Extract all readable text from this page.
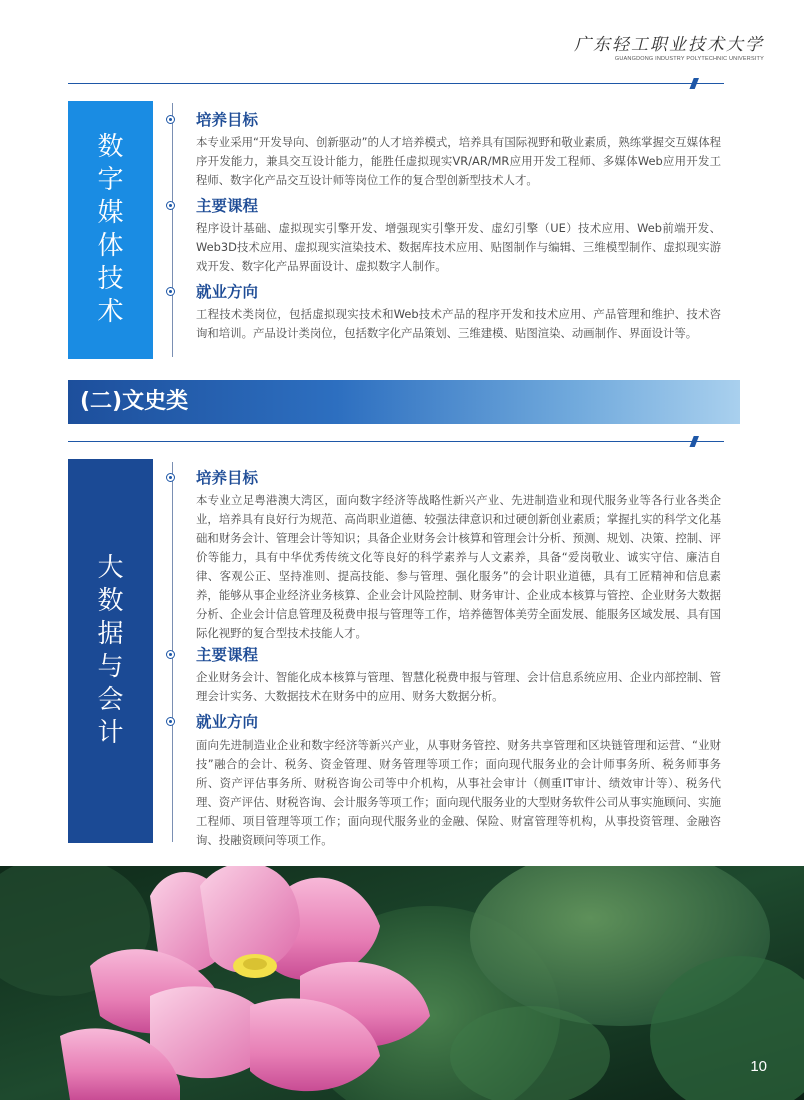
广东轻工职业技术大学
GUANGDONG INDUSTRY POLYTECHNIC UNIVERSITY
////
数字媒体技术
培养目标
本专业采用“开发导向、创新驱动”的人才培养模式，培养具有国际视野和敬业素质，熟练掌握交互媒体程序开发能力，兼具交互设计能力，能胜任虚拟现实VR/AR/MR应用开发工程师、多媒体Web应用开发工程师、数字化产品交互设计师等岗位工作的复合型创新型技术人才。
主要课程
程序设计基础、虚拟现实引擎开发、增强现实引擎开发、虚幻引擎（UE）技术应用、Web前端开发、Web3D技术应用、虚拟现实渲染技术、数据库技术应用、贴图制作与编辑、三维模型制作、虚拟现实游戏开发、数字化产品界面设计、虚拟数字人制作。
就业方向
工程技术类岗位，包括虚拟现实技术和Web技术产品的程序开发和技术应用、产品管理和维护、技术咨询和培训。产品设计类岗位，包括数字化产品策划、三维建模、贴图渲染、动画制作、界面设计等。
(二)文史类
////
大数据与会计
培养目标
本专业立足粤港澳大湾区，面向数字经济等战略性新兴产业、先进制造业和现代服务业等各行业各类企业，培养具有良好行为规范、高尚职业道德、较强法律意识和过硬创新创业素质；掌握扎实的科学文化基础和财务会计、管理会计等知识；具备企业财务会计核算和管理会计分析、预测、规划、决策、控制、评价等能力，具有中华优秀传统文化等良好的科学素养与人文素养，具备“爱岗敬业、诚实守信、廉洁自律、客观公正、坚持准则、提高技能、参与管理、强化服务”的会计职业道德，具有工匠精神和信息素养，能够从事企业经济业务核算、企业会计风险控制、财务审计、企业成本核算与管控、企业财务大数据分析、企业会计信息管理及税费申报与管理等工作，培养德智体美劳全面发展、能服务区域发展、具有国际化视野的复合型技术技能人才。
主要课程
企业财务会计、智能化成本核算与管理、智慧化税费申报与管理、会计信息系统应用、企业内部控制、管理会计实务、大数据技术在财务中的应用、财务大数据分析。
就业方向
面向先进制造业企业和数字经济等新兴产业，从事财务管控、财务共享管理和区块链管理和运营、“业财技”融合的会计、税务、资金管理、财务管理等项工作；面向现代服务业的会计师事务所、税务师事务所、资产评估事务所、财税咨询公司等中介机构，从事社会审计（侧重IT审计、绩效审计等）、税务代理、资产评估、财税咨询、会计服务等项工作；面向现代服务业的大型财务软件公司从事实施顾问、实施工程师、项目管理等项工作；面向现代服务业的金融、保险、财富管理等机构，从事投资管理、金融咨询、投融资顾问等项工作。
10
